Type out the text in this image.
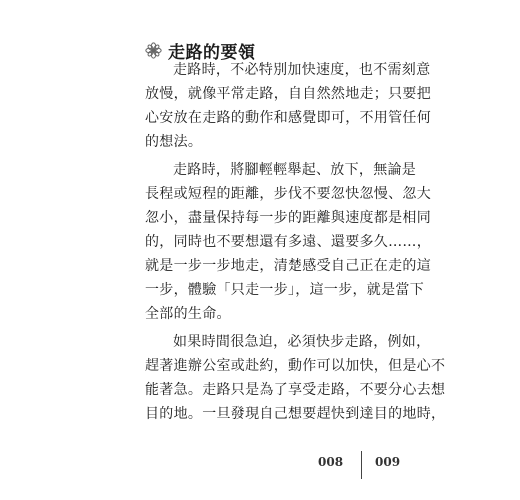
走路的要領
走路時，不必特別加快速度，也不需刻意
放慢，就像平常走路，自自然然地走；只要把
心安放在走路的動作和感覺即可，不用管任何
的想法。
走路時，將腳輕輕舉起、放下，無論是
長程或短程的距離，步伐不要忽快忽慢、忽大
忽小，盡量保持每一步的距離與速度都是相同
的，同時也不要想還有多遠、還要多久……，
就是一步一步地走，清楚感受自己正在走的這
一步，體驗「只走一步」，這一步，就是當下
全部的生命。
如果時間很急迫，必須快步走路，例如，
趕著進辦公室或赴約，動作可以加快，但是心不
能著急。走路只是為了享受走路，不要分心去想
目的地。一旦發現自己想要趕快到達目的地時，
008	009
